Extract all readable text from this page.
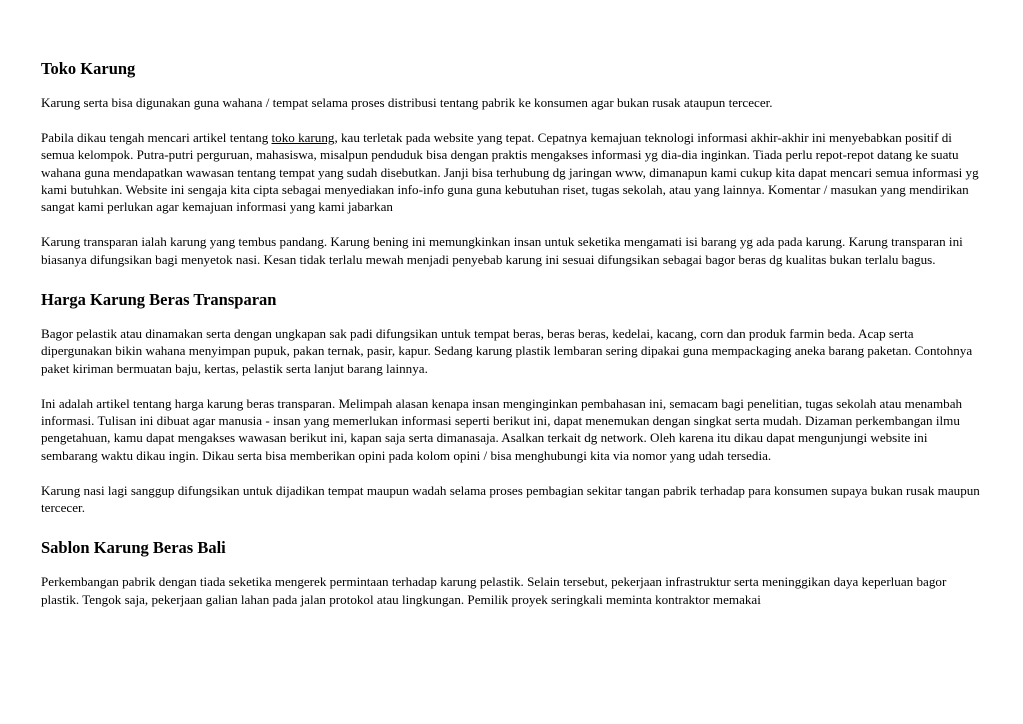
Toko Karung

Karung serta bisa digunakan guna wahana / tempat selama proses distribusi tentang pabrik ke konsumen agar bukan rusak ataupun tercecer.

Pabila dikau tengah mencari artikel tentang toko karung, kau terletak pada website yang tepat. Cepatnya kemajuan teknologi informasi akhir-akhir ini menyebabkan positif di semua kelompok. Putra-putri perguruan, mahasiswa, misalpun penduduk bisa dengan praktis mengakses informasi yg dia-dia inginkan. Tiada perlu repot-repot datang ke suatu wahana guna mendapatkan wawasan tentang tempat yang sudah disebutkan. Janji bisa terhubung dg jaringan www, dimanapun kami cukup kita dapat mencari semua informasi yg kami butuhkan. Website ini sengaja kita cipta sebagai menyediakan info-info guna guna kebutuhan riset, tugas sekolah, atau yang lainnya. Komentar / masukan yang mendirikan sangat kami perlukan agar kemajuan informasi yang kami jabarkan

Karung transparan ialah karung yang tembus pandang. Karung bening ini memungkinkan insan untuk seketika mengamati isi barang yg ada pada karung. Karung transparan ini biasanya difungsikan bagi menyetok nasi. Kesan tidak terlalu mewah menjadi penyebab karung ini sesuai difungsikan sebagai bagor beras dg kualitas bukan terlalu bagus.

Harga Karung Beras Transparan

Bagor pelastik atau dinamakan serta dengan ungkapan sak padi difungsikan untuk tempat beras, beras beras, kedelai, kacang, corn dan produk farmin beda. Acap serta dipergunakan bikin wahana menyimpan pupuk, pakan ternak, pasir, kapur. Sedang karung plastik lembaran sering dipakai guna mempackaging aneka barang paketan. Contohnya paket kiriman bermuatan baju, kertas, pelastik serta lanjut barang lainnya.

Ini adalah artikel tentang harga karung beras transparan. Melimpah alasan kenapa insan menginginkan pembahasan ini, semacam bagi penelitian, tugas sekolah atau menambah informasi. Tulisan ini dibuat agar manusia - insan yang memerlukan informasi seperti berikut ini, dapat menemukan dengan singkat serta mudah. Dizaman perkembangan ilmu pengetahuan, kamu dapat mengakses wawasan berikut ini, kapan saja serta dimanasaja. Asalkan terkait dg network. Oleh karena itu dikau dapat mengunjungi website ini sembarang waktu dikau ingin. Dikau serta bisa memberikan opini pada kolom opini / bisa menghubungi kita via nomor yang udah tersedia.

Karung nasi lagi sanggup difungsikan untuk dijadikan tempat maupun wadah selama proses pembagian sekitar tangan pabrik terhadap para konsumen supaya bukan rusak maupun tercecer.

Sablon Karung Beras Bali

Perkembangan pabrik dengan tiada seketika mengerek permintaan terhadap karung pelastik. Selain tersebut, pekerjaan infrastruktur serta meninggikan daya keperluan bagor plastik. Tengok saja, pekerjaan galian lahan pada jalan protokol atau lingkungan. Pemilik proyek seringkali meminta kontraktor memakai
